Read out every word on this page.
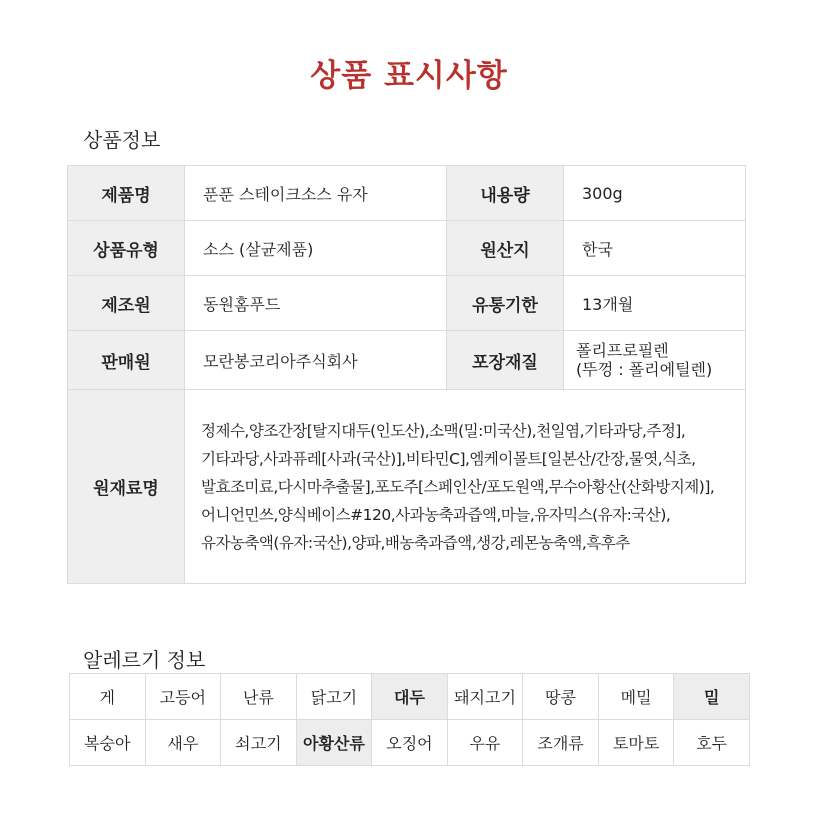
상품 표시사항
상품정보
제품명	푼푼 스테이크소스 유자	내용량	300g
상품유형	소스 (살균제품)	원산지	한국
제조원	동원홈푸드	유통기한	13개월
판매원	모란봉코리아주식회사	포장재질	폴리프로필렌
(뚜껑 : 폴리에틸렌)

원재료명	정제수,양조간장[탈지대두(인도산),소맥(밀:미국산),천일염,기타과당,주정],
기타과당,사과퓨레[사과(국산)],비타민C],엠케이몰트[일본산/간장,물엿,식초,
발효조미료,다시마추출물],포도주[스페인산/포도원액,무수아황산(산화방지제)],
어니언민쓰,양식베이스#120,사과농축과즙액,마늘,유자믹스(유자:국산),
유자농축액(유자:국산),양파,배농축과즙액,생강,레몬농축액,흑후추		
알레르기 정보
게	고등어	난류	닭고기	대두	돼지고기	땅콩	메밀	밀
복숭아	새우	쇠고기	아황산류	오징어	우유	조개류	토마토	호두
